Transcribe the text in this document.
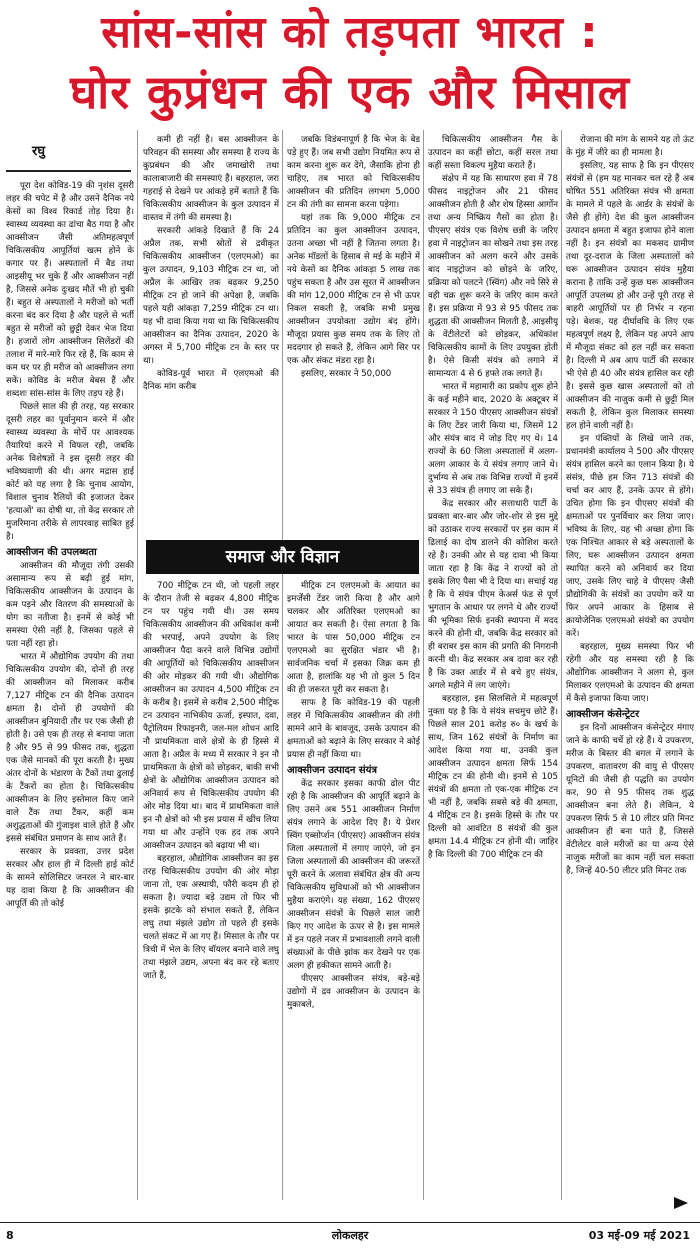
सांस-सांस को तड़पता भारत :
घोर कुप्रंधन की एक और मिसाल
रघु

पूरा देश कोविड-19 की नृशंस दूसरी लहर की चपेट में है और उसने दैनिक नये केसों का विश्व रिकार्ड तोड़ दिया है। स्वास्थ्य व्यवस्था का ढांचा बैठ गया है और आक्सीजन जैसी अतिमहत्वपूर्ण चिकित्सकीय आपूर्तियां खत्म होने के कगार पर हैं। अस्पतालों में बैड तथा आइसीयू भर चुके हैं और आक्सीजन नहीं है, जिससे अनेक दुःखद मौतें भी हो चुकी हैं। बहुत से अस्पतालों ने मरीजों को भर्ती करना बंद कर दिया है और पहले से भर्ती बहुत से मरीजों को छुट्टी देकर भेज दिया है। हजारों लोग आक्सीजन सिलेंडरों की तलाश में मारे-मारे फिर रहे हैं, कि काम से कम घर पर ही मरीज को आक्सीजन लगा सकें। कोविड के मरीज बेबस हैं और शब्दशः सांस-सांस के लिए तड़प रहे हैं।

पिछले साल की ही तरह, यह सरकार दूसरी लहर का पूर्वानुमान करने में और स्वास्थ्य व्यवस्था के मोर्चे पर आवश्यक तैयारियां करने में विफल रही, जबकि अनेक विशेषज्ञों ने इस दूसरी लहर की भविष्यवाणी की थी। अगर मद्रास हाई कोर्ट को यह लगा है कि चुनाव आयोग, विशाल चुनाव रैलियों की इजाजत देकर 'हत्याओं' का दोषी था, तो केंद्र सरकार तो मुजरिमाना तरीके से लापरवाह साबित हुई है।

आक्सीजन की उपलब्धता

आक्सीजन की मौजूदा तंगी उसकी असामान्य रूप से बढ़ी हुई मांग, चिकित्सकीय आक्सीजन के उत्पादन के कम पड़ने और वितरण की समस्याओं के योग का नतीजा है। इनमें से कोई भी समस्या ऐसी नहीं है, जिसका पहले से पता नहीं रहा हो।

भारत में औद्योगिक उपयोग की तथा चिकित्सकीय उपयोग की, दोनों ही तरह की आक्सीजन को मिलाकर करीब 7,127 मीट्रिक टन की दैनिक उत्पादन क्षमता है। दोनों ही उपयोगों की आक्सीजन बुनियादी तौर पर एक जैसी ही होती है। उसे एक ही तरह से बनाया जाता है और 95 से 99 फीसद तक, शुद्धता एक जैसे मानकों की पूरा करती है। मुख्य अंतर दोनों के भंडारण के टैंकों तथा ढुलाई के टैंकरों का होता है। चिकित्सकीय आक्सीजन के लिए इस्तेमाल किए जाने वाले टैंक तथा टैंकर, कहीं कम अशुद्धताओं की गुंजाइश वाले होते हैं और इससे संबंधित प्रमाणन के साथ आते हैं।

सरकार के प्रवक्ता, उत्तर प्रदेश सरकार और हाल ही में दिल्ली हाई कोर्ट के सामने सोलिसिटर जनरल ने बार-बार यह दावा किया है कि आक्सीजन की आपूर्ति की तो कोई

कमी ही नहीं है। बस आक्सीजन के परिवहन की समस्या और समस्या है राज्य के कुप्रबंधन की और जमाखोरी तथा कालाबाजारी की समस्याएं हैं। बहरहाल, जरा गहराई से देखने पर आंकड़े हमें बताते हैं कि चिकित्सकीय आक्सीजन के कुल उत्पादन में वास्तव में तंगी की समस्या है।

सरकारी आंकड़े दिखाते हैं कि 24 अप्रैल तक, सभी स्रोतों से द्रवीकृत चिकित्सकीय आक्सीजन (एलएमओ) का कुल उत्पादन, 9,103 मीट्रिक टन था, जो अप्रैल के आखिर तक बढ़कर 9,250 मीट्रिक टन हो जाने की अपेक्षा है, जबकि पहले यही आंकड़ा 7,259 मीट्रिक टन था। यह भी दावा किया गया था कि चिकित्सकीय आक्सीजन का दैनिक उत्पादन, 2020 के अगस्त में 5,700 मीट्रिक टन के स्तर पर था।

कोविड-पूर्व भारत में एलएमओ की दैनिक मांग करीब

जबकि विडंबनापूर्ण है कि भेज के बेड पड़े हुए हैं। जब सभी उद्योग नियमित रूप से काम करना शुरू कर देंगे, जैसाकि होना ही चाहिए, तब भारत को चिकित्सकीय आक्सीजन की प्रतिदिन लगभग 5,000 टन की तंगी का सामना करना पड़ेगा।

यहां तक कि 9,000 मीट्रिक टन प्रतिदिन का कुल आक्सीजन उत्पादन, उतना अच्छा भी नहीं है जितना लगता है। अनेक मॉडलों के हिसाब से मई के महीने में नये केसों का दैनिक आंकड़ा 5 लाख तक पहुंच सकता है और उस सूरत में आक्सीजन की मांग 12,000 मीट्रिक टन से भी ऊपर निकल सकती है, जबकि सभी प्रमुख आक्सीजन उपयोक्ता उद्योग बंद होंगे। मौजूदा प्रयास कुछ समय तक के लिए तो मददगार हो सकते हैं, लेकिन आगे सिर पर एक और संकट मंडरा रहा है।

इसलिए, सरकार ने 50,000

समाज और विज्ञान

700 मीट्रिक टन थी, जो पहली लहर के दौरान तेजी से बढ़कर 4,800 मीट्रिक टन पर पहुंच गयी थी। उस समय चिकित्सकीय आक्सीजन की अधिकांश कमी की भरपाई, अपने उपयोग के लिए आक्सीजन पैदा करने वाले विभिन्न उद्योगों की आपूर्तियों को चिकित्सकीय आक्सीजन की ओर मोड़कर की गयी थी। औद्योगिक आक्सीजन का उत्पादन 4,500 मीट्रिक टन के करीब है। इसमें से करीब 2,500 मीट्रिक टन उत्पादन नाभिकीय ऊर्जा, इस्पात, दवा, पैट्रोलियम रिफाइनरी, जल-मल शोधन आदि नौ प्राथमिकता वाले क्षेत्रों के ही हिस्से में आता है। अप्रैल के मध्य में सरकार ने इन नौ प्राथमिकता के क्षेत्रों को छोड़कर, बाकी सभी क्षेत्रों के औद्योगिक आक्सीजन उत्पादन को अनिवार्य रूप से चिकित्सकीय उपयोग की ओर मोड़ दिया था। बाद में प्राथमिकता वाले इन नौ क्षेत्रों को भी इस प्रयास में खींच लिया गया था और उन्होंने एक हद तक अपने आक्सीजन उत्पादन को बढ़ाया भी था।

बहरहाल, औद्योगिक आक्सीजन का इस तरह चिकित्सकीय उपयोग की ओर मोड़ा जाना तो, एक अस्थायी, फौरी कदम ही हो सकता है। ज्यादा बड़े उद्यम तो फिर भी इसके झटके को संभाल सकते हैं, लेकिन लघु तथा मंझले उद्योग तो पहले ही इसके चलते संकट में आ गए हैं। मिसाल के तौर पर त्रिची में भेल के लिए बॉयलर बनाने वाले लघु तथा मंझले उद्यम, अपना बंद कर रहे बताए जाते हैं,

मीट्रिक टन एलएमओ के आयात का इमर्जेंसी टेंडर जारी किया है और आगे चलकर और अतिरिक्त एलएमओ का आयात कर सकती है। ऐसा लगता है कि भारत के पास 50,000 मीट्रिक टन एलएमओ का सुरक्षित भंडार भी है। सार्वजनिक चर्चा में इसका जिक्र कम ही आता है, हालांकि यह भी तो कुल 5 दिन की ही जरूरत पूरी कर सकता है।

साफ है कि कोविड-19 की पहली लहर में चिकित्सकीय आक्सीजन की तंगी सामने आने के बावजूद, उसके उत्पादन की क्षमताओं को बढ़ाने के लिए सरकार ने कोई प्रयास ही नहीं किया था।

आक्सीजन उत्पादन संयंत्र

केंद्र सरकार इसका काफी ढोल पीट रही है कि आक्सीजन की आपूर्ति बढ़ाने के लिए उसने अब 551 आक्सीजन निर्माण संयंत्र लगाने के आदेश दिए हैं। ये प्रेशर स्विंग एब्सोर्प्शन (पीएसए) आक्सीजन संयंत्र जिला अस्पतालों में लगाए जाएंगे, जो इन जिला अस्पतालों की आक्सीजन की जरूरतें पूरी करने के अलावा संबंधित क्षेत्र की अन्य चिकित्सकीय सुविधाओं को भी आक्सीजन मुहैया कराएंगे। यह संख्या, 162 पीएसए आक्सीजन संयंत्रों के पिछले साल जारी किए गए आदेश के ऊपर से है। इस मामले में इन पहले नजर में प्रभावशाली लगने वाली संख्याओं के पीछे झांक कर देखने पर एक अलग ही हकीकत सामने आती है।

पीएसए आक्सीजन संयंत्र, बड़े-बड़े उद्योगों में द्रव आक्सीजन के उत्पादन के मुकाबले,

चिकित्सकीय आक्सीजन गैस के उत्पादन का कहीं छोटा, कहीं सरल तथा कहीं सस्ता विकल्प मुहैया कराते हैं।

संक्षेप में यह कि साधारण हवा में 78 फीसद नाइट्रोजन और 21 फीसद आक्सीजन होती है और शेष हिस्सा आर्गोन तथा अन्य निष्क्रिय गैसों का होता है। पीएसए संयंत्र एक विशेष छन्नी के जरिए हवा में नाइट्रोजन का सोखने तथा इस तरह आक्सीजन को अलग करने और उसके बाद नाइट्रोजन को छोड़ने के जरिए, प्रक्रिया को पलटने (स्विंग) और नये सिरे से वही चक्र शुरू करने के जरिए काम करते हैं। इस प्रक्रिया में 93 से 95 फीसद तक शुद्धता की आक्सीजन मिलती है, आइसीयू के वेंटीलेटरों को छोड़कर, अधिकांश चिकित्सकीय कामों के लिए उपयुक्त होती है। ऐसे किसी संयंत्र को लगाने में सामान्यतः 4 से 6 हफ्ते तक लगते हैं।

भारत में महामारी का प्रकोप शुरू होने के कई महीने बाद, 2020 के अक्टूबर में सरकार ने 150 पीएसए आक्सीजन संयंत्रों के लिए टेंडर जारी किया था, जिसमें 12 और संयंत्र बाद में जोड़ दिए गए थे। 14 राज्यों के 60 जिला अस्पतालों में अलग-अलग आकार के ये संयंत्र लगाए जाने थे। दुर्भाग्य से अब तक विभिन्न राज्यों में इनमें से 33 संयंत्र ही लगाए जा सके हैं।

केंद्र सरकार और सत्ताधारी पार्टी के प्रवक्ता बार-बार और जोर-शोर से इस मुद्दे को उठाकर राज्य सरकारों पर इस काम में ढिलाई का दोष डालने की कोशिश करते रहे हैं। उनकी ओर से यह दावा भी किया जाता रहा है कि केंद्र ने राज्यों को तो इसके लिए पैसा भी दे दिया था। सचाई यह है कि ये संयंत्र पीएम केअर्स फंड से पूर्ण भुगतान के आधार पर लगने थे और राज्यों की भूमिका सिर्फ इनकी स्थापना में मदद करने की होनी थी, जबकि केंद्र सरकार को ही बराबर इस काम की प्रगति की निगरानी करनी थी। केंद्र सरकार अब दावा कर रही है कि उक्त आर्डर में से बचे हुए संयंत्र, अगले महीने में लग जाएंगे।

बहरहाल, इस सिलसिले में महत्वपूर्ण नुक्ता यह है कि ये संयंत्र सचमुच छोटे हैं। पिछले साल 201 करोड़ रु० के खर्च के साथ, जिन 162 संयंत्रों के निर्माण का आदेश किया गया था, उनकी कुल आक्सीजन उत्पादन क्षमता सिर्फ 154 मीट्रिक टन की होनी थी। इनमें से 105 संयंत्रों की क्षमता तो एक-एक मीट्रिक टन भी नहीं है, जबकि सबसे बड़े की क्षमता, 4 मीट्रिक टन है। इसके हिस्से के तौर पर दिल्ली को आवंटित 8 संयंत्रों की कुल क्षमता 14.4 मीट्रिक टन होनी थी। जाहिर है कि दिल्ली की 700 मीट्रिक टन की

रोजाना की मांग के सामने यह तो ऊंट के मुंह में जीरे का ही मामला है।

इसलिए, यह साफ है कि इन पीएसए संयंत्रों से (हम यह मानकर चल रहे हैं अब घोषित 551 अतिरिक्त संयंत्र भी क्षमता के मामले में पहले के आर्डर के संयंत्रों के जैसे ही होंगे) देश की कुल आक्सीजन उत्पादन क्षमता में बहुत इजाफा होने वाला नहीं है। इन संयंत्रों का मकसद ग्रामीण तथा दूर-दराज के जिला अस्पतालों को घरू आक्सीजन उत्पादन संयंत्र मुहैया कराना है ताकि उन्हें कुछ घरू आक्सीजन आपूर्ति उपलब्ध हो और उन्हें पूरी तरह से बाहरी आपूर्तियों पर ही निर्भर न रहना पड़े। बेशक, यह दीर्घावधि के लिए एक महत्वपूर्ण लक्ष्य है, लेकिन यह अपने आप में मौजूदा संकट को हल नहीं कर सकता है। दिल्ली में अब आप पार्टी की सरकार भी ऐसे ही 40 और संयंत्र हासिल कर रही है। इससे कुछ खास अस्पतालों को तो आक्सीजन की नाजुक कमी से छुट्टी मिल सकती है, लेकिन कुल मिलाकर समस्या हल होने वाली नहीं है।

इन पंक्तियों के लिखे जाने तक, प्रधानमंत्री कार्यालय ने 500 और पीएसए संयंत्र हासिल करने का एलान किया है। ये संसंत्र, पीछे हम जिन 713 संयंत्रों की चर्चा कर आए हैं, उनके ऊपर से होंगे। उचित होगा कि इन पीएसए संयंत्रों की क्षमताओं पर पुनर्विचार कर लिया जाए। भविष्य के लिए, यह भी अच्छा होगा कि एक निश्चित आकार से बड़े अस्पतालों के लिए, घरू आक्सीजन उत्पादन क्षमता स्थापित करने को अनिवार्य कर दिया जाए, उसके लिए चाहे वे पीएसए जैसी प्रौद्योगिकी के संयंत्रों का उपयोग करें या फिर अपने आकार के हिसाब से क्रायोजेनिक एलएमओ संयंत्रों का उपयोग करें।

बहरहाल, मुख्य समस्या फिर भी रहेगी और यह समस्या रही है कि औद्योगिक आक्सीजन ने अलग से, कुल मिलाकर एलएमओ के उत्पादन की क्षमता में कैसे इजाफा किया जाए।

आक्सीजन कंसेन्ट्रेटर

इन दिनों आक्सीजन कंसेन्ट्रेटर मंगाए जाने के काफी चर्चे हो रहे हैं। ये उपकरण, मरीज के बिस्तर की बगल में लगाने के उपकरण, वातावरण की वायु से पीएसए यूनिटों की जैसी ही पद्धति का उपयोग कर, 90 से 95 फीसद तक शुद्ध आक्सीजन बना लेते हैं। लेकिन, ये उपकरण सिर्फ 5 से 10 लीटर प्रति मिनट आक्सीजन ही बना पाते हैं, जिससे वेंटीलेटर वाले मरीजों का या अन्य ऐसे नाजुक मरीजों का काम नहीं चल सकता है, जिन्हें 40-50 लीटर प्रति मिनट तक

8	लोकलहर	03 मई-09 मई 2021
